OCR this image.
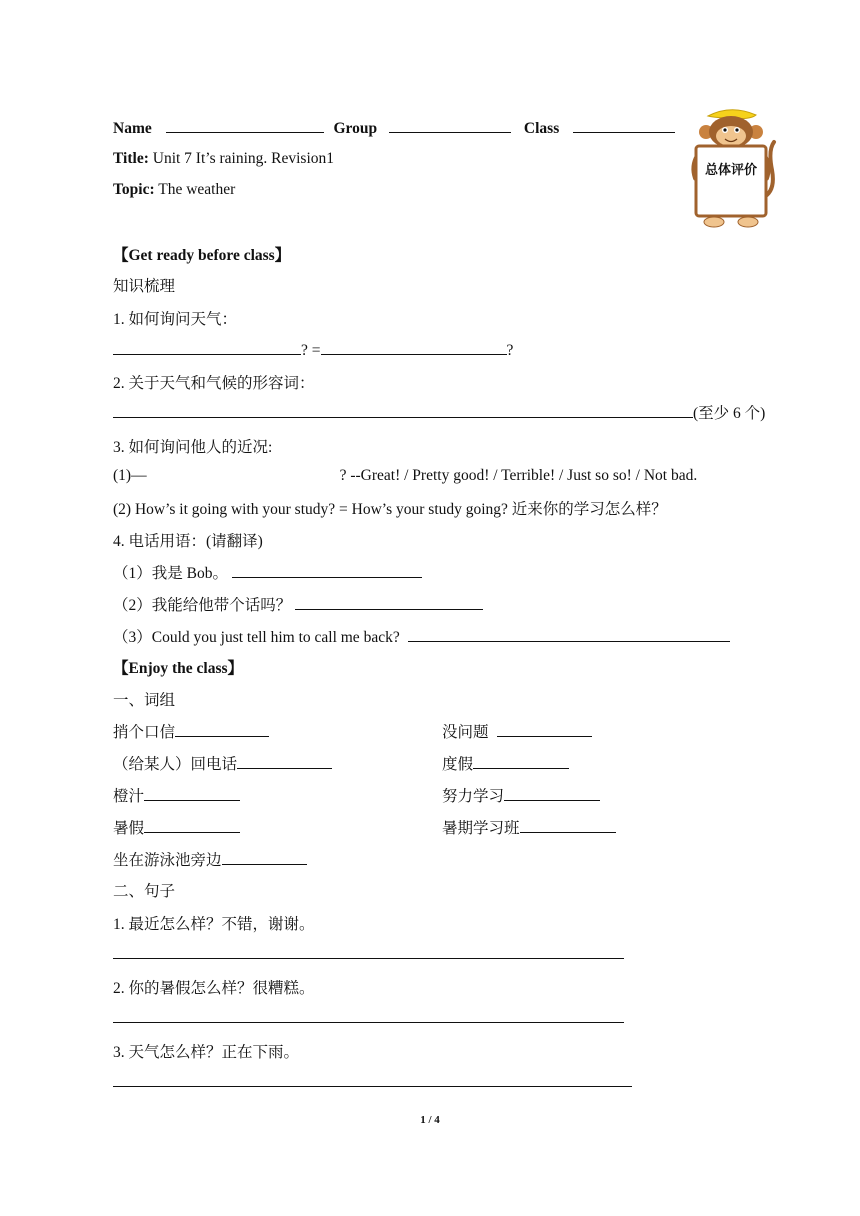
Name	Group	Class
Title: Unit 7 It’s raining. Revision1
Topic: The weather
总体评价
【Get ready before class】
知识梳理
1. 如何询问天气：
? =	?
2. 关于天气和气候的形容词：
(至少 6 个)
3. 如何询问他人的近况:
(1)—	? --Great! / Pretty good! / Terrible! / Just so so! / Not bad.
(2) How’s it going with your study? = How’s your study going? 近来你的学习怎么样？
4. 电话用语：(请翻译)
（1）我是 Bob。
（2）我能给他带个话吗？
（3）Could you just tell him to call me back?
【Enjoy the class】
一、词组
捎个口信	没问题
（给某人）回电话	度假
橙汁	努力学习
暑假	暑期学习班
坐在游泳池旁边
二、句子
1. 最近怎么样？不错，谢谢。
2. 你的暑假怎么样？很糟糕。
3. 天气怎么样？正在下雨。
1 / 4
